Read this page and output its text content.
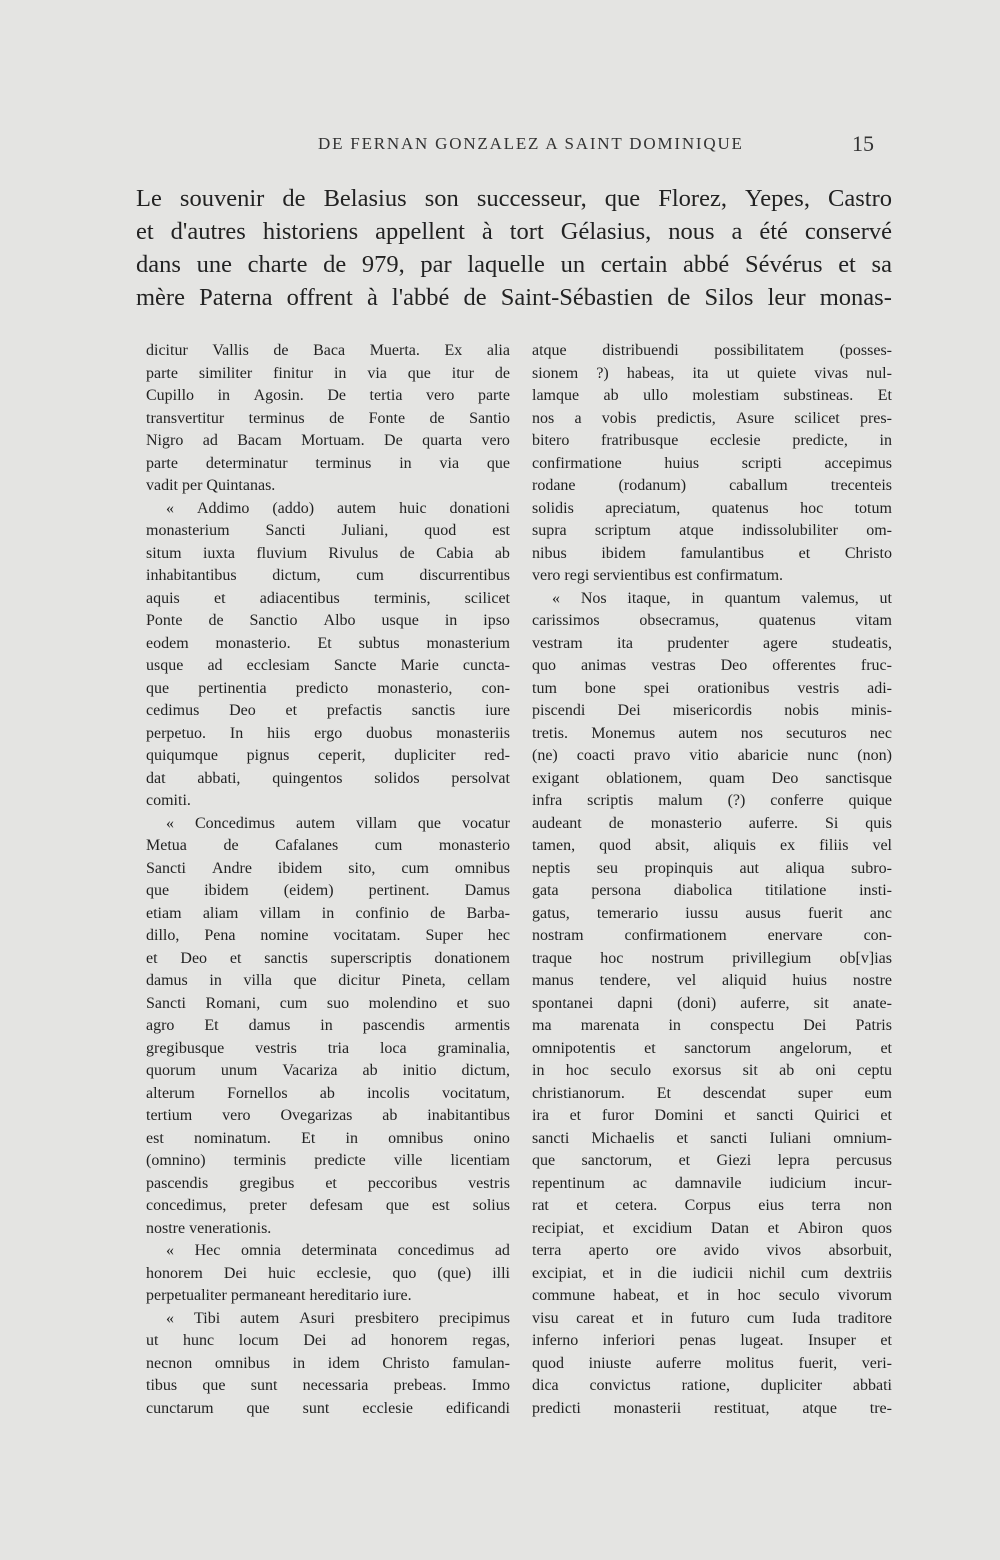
DE FERNAN GONZALEZ A SAINT DOMINIQUE	15
Le souvenir de Belasius son successeur, que Florez, Yepes, Castro
et d'autres historiens appellent à tort Gélasius, nous a été conservé
dans une charte de 979, par laquelle un certain abbé Sévérus et sa
mère Paterna offrent à l'abbé de Saint-Sébastien de Silos leur monas-
dicitur Vallis de Baca Muerta. Ex alia
parte similiter finitur in via que itur de
Cupillo in Agosin. De tertia vero parte
transvertitur terminus de Fonte de Santio
Nigro ad Bacam Mortuam. De quarta vero
parte determinatur terminus in via que
vadit per Quintanas.
« Addimo (addo) autem huic donationi
monasterium Sancti Juliani, quod est
situm iuxta fluvium Rivulus de Cabia ab
inhabitantibus dictum, cum discurrentibus
aquis et adiacentibus terminis, scilicet
Ponte de Sanctio Albo usque in ipso
eodem monasterio. Et subtus monasterium
usque ad ecclesiam Sancte Marie cuncta-
que pertinentia predicto monasterio, con-
cedimus Deo et prefactis sanctis iure
perpetuo. In hiis ergo duobus monasteriis
quiqumque pignus ceperit, dupliciter red-
dat abbati, quingentos solidos persolvat
comiti.
« Concedimus autem villam que vocatur
Metua de Cafalanes cum monasterio
Sancti Andre ibidem sito, cum omnibus
que ibidem (eidem) pertinent. Damus
etiam aliam villam in confinio de Barba-
dillo, Pena nomine vocitatam. Super hec
et Deo et sanctis superscriptis donationem
damus in villa que dicitur Pineta, cellam
Sancti Romani, cum suo molendino et suo
agro Et damus in pascendis armentis
gregibusque vestris tria loca graminalia,
quorum unum Vacariza ab initio dictum,
alterum Fornellos ab incolis vocitatum,
tertium vero Ovegarizas ab inabitantibus
est nominatum. Et in omnibus onino
(omnino) terminis predicte ville licentiam
pascendis gregibus et peccoribus vestris
concedimus, preter defesam que est solius
nostre venerationis.
« Hec omnia determinata concedimus ad
honorem Dei huic ecclesie, quo (que) illi
perpetualiter permaneant hereditario iure.
« Tibi autem Asuri presbitero precipimus
ut hunc locum Dei ad honorem regas,
necnon omnibus in idem Christo famulan-
tibus que sunt necessaria prebeas. Immo
cunctarum que sunt ecclesie edificandi
atque distribuendi possibilitatem (posses-
sionem ?) habeas, ita ut quiete vivas nul-
lamque ab ullo molestiam substineas. Et
nos a vobis predictis, Asure scilicet pres-
bitero fratribusque ecclesie predicte, in
confirmatione	huius	scripti	accepimus
rodane	(rodanum)	caballum	trecenteis
solidis apreciatum, quatenus hoc totum
supra scriptum atque indissolubiliter om-
nibus ibidem famulantibus et Christo
vero regi servientibus est confirmatum.
« Nos itaque, in quantum valemus, ut
carissimos obsecramus, quatenus vitam
vestram ita prudenter agere studeatis,
quo animas vestras Deo offerentes fruc-
tum bone spei orationibus vestris adi-
piscendi Dei misericordis nobis minis-
tretis. Monemus autem nos secuturos nec
(ne) coacti pravo vitio abaricie nunc (non)
exigant oblationem, quam Deo sanctisque
infra scriptis malum (?) conferre quique
audeant de monasterio auferre. Si quis
tamen, quod absit, aliquis ex filiis vel
neptis seu propinquis aut aliqua subro-
gata persona diabolica titilatione insti-
gatus, temerario iussu ausus fuerit anc
nostram	confirmationem	enervare	con-
traque hoc nostrum privillegium ob[v]ias
manus tendere, vel aliquid huius nostre
spontanei dapni (doni) auferre, sit anate-
ma marenata in conspectu Dei Patris
omnipotentis et sanctorum angelorum, et
in hoc seculo exorsus sit ab oni ceptu
christianorum. Et descendat super eum
ira et furor Domini et sancti Quirici et
sancti Michaelis et sancti Iuliani omnium-
que sanctorum, et Giezi lepra percusus
repentinum ac damnavile iudicium incur-
rat et cetera. Corpus eius terra non
recipiat, et excidium Datan et Abiron quos
terra aperto ore avido vivos absorbuit,
excipiat, et in die iudicii nichil cum dextriis
commune habeat, et in hoc seculo vivorum
visu careat et in futuro cum Iuda traditore
inferno inferiori penas lugeat. Insuper et
quod iniuste auferre molitus fuerit, veri-
dica convictus ratione, dupliciter abbati
predicti monasterii restituat, atque tre-
